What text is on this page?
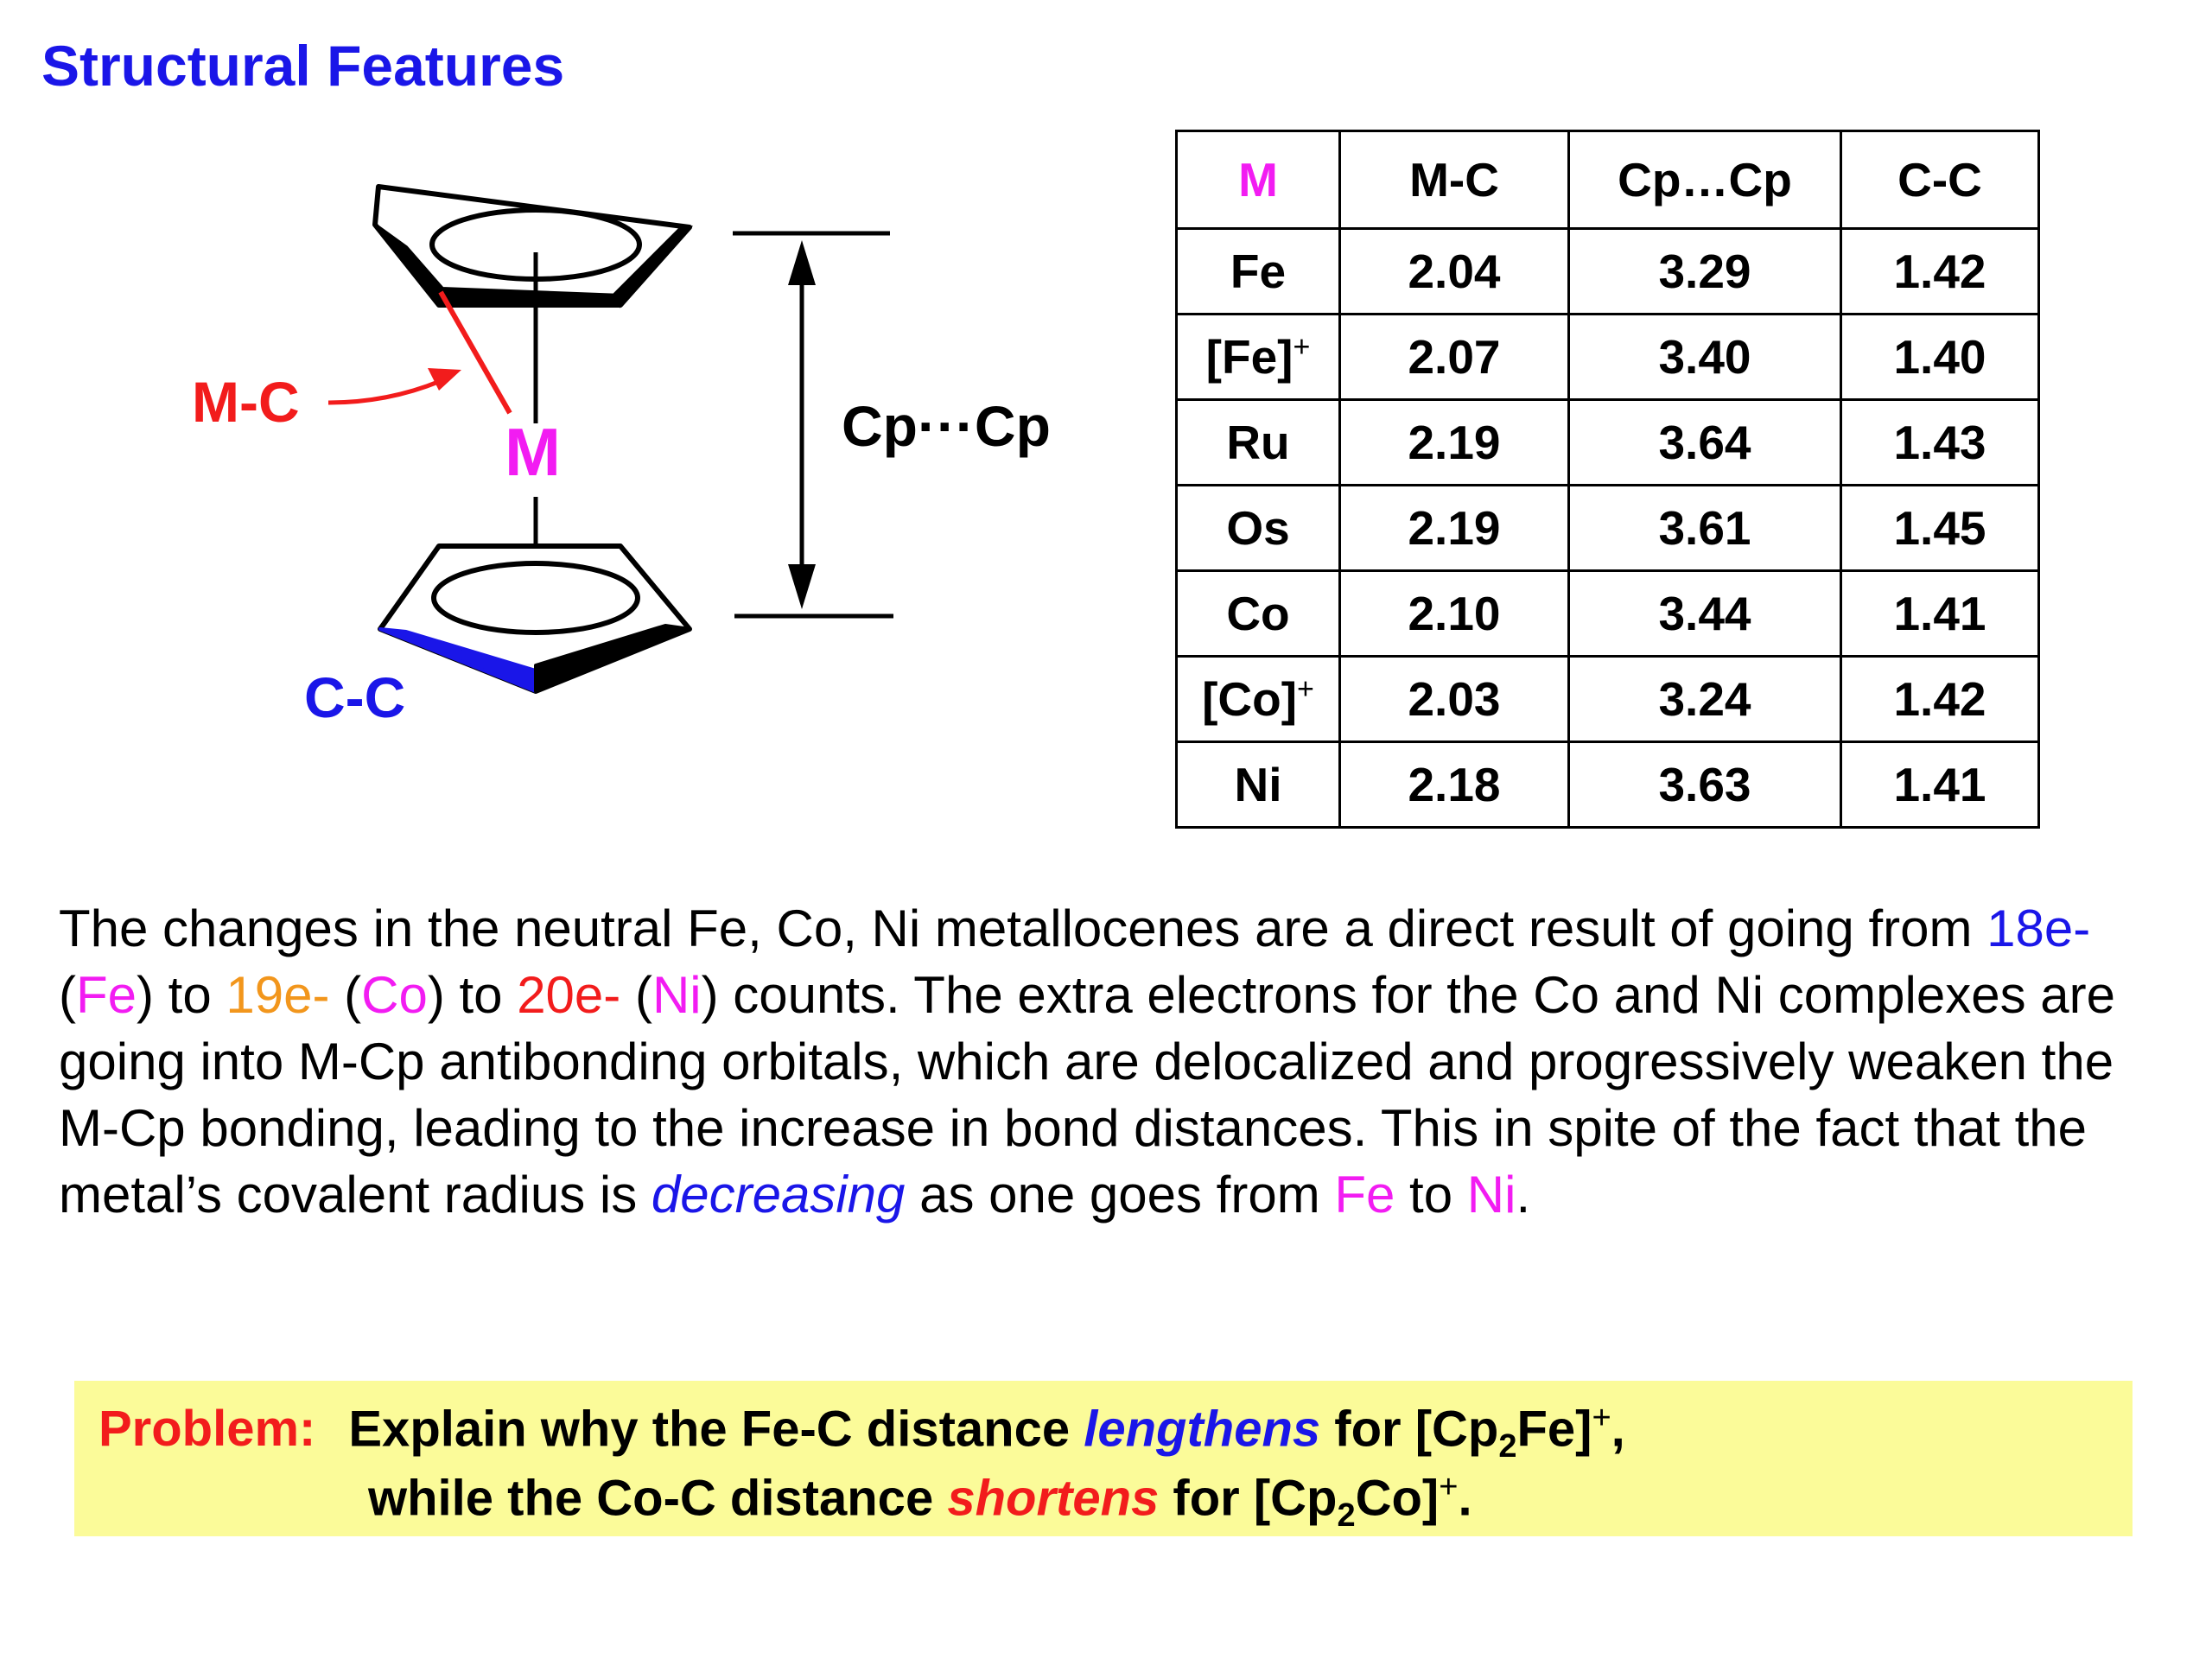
Structural Features
M-C
M
C-C
Cp···Cp
M	M-C	Cp…Cp	C-C
Fe	2.04	3.29	1.42
[Fe]+	2.07	3.40	1.40
Ru	2.19	3.64	1.43
Os	2.19	3.61	1.45
Co	2.10	3.44	1.41
[Co]+	2.03	3.24	1.42
Ni	2.18	3.63	1.41

The changes in the neutral Fe, Co, Ni metallocenes are a direct result of going from 18e- (Fe) to 19e- (Co) to 20e- (Ni) counts. The extra electrons for the Co and Ni complexes are going into M-Cp antibonding orbitals, which are delocalized and progressively weaken the M-Cp bonding, leading to the increase in bond distances. This in spite of the fact that the metal’s covalent radius is decreasing as one goes from Fe to Ni.

Problem: Explain why the Fe-C distance lengthens for $[Cp_2Fe]^+$,
while the Co-C distance shortens for $[Cp_2Co]^+$.
